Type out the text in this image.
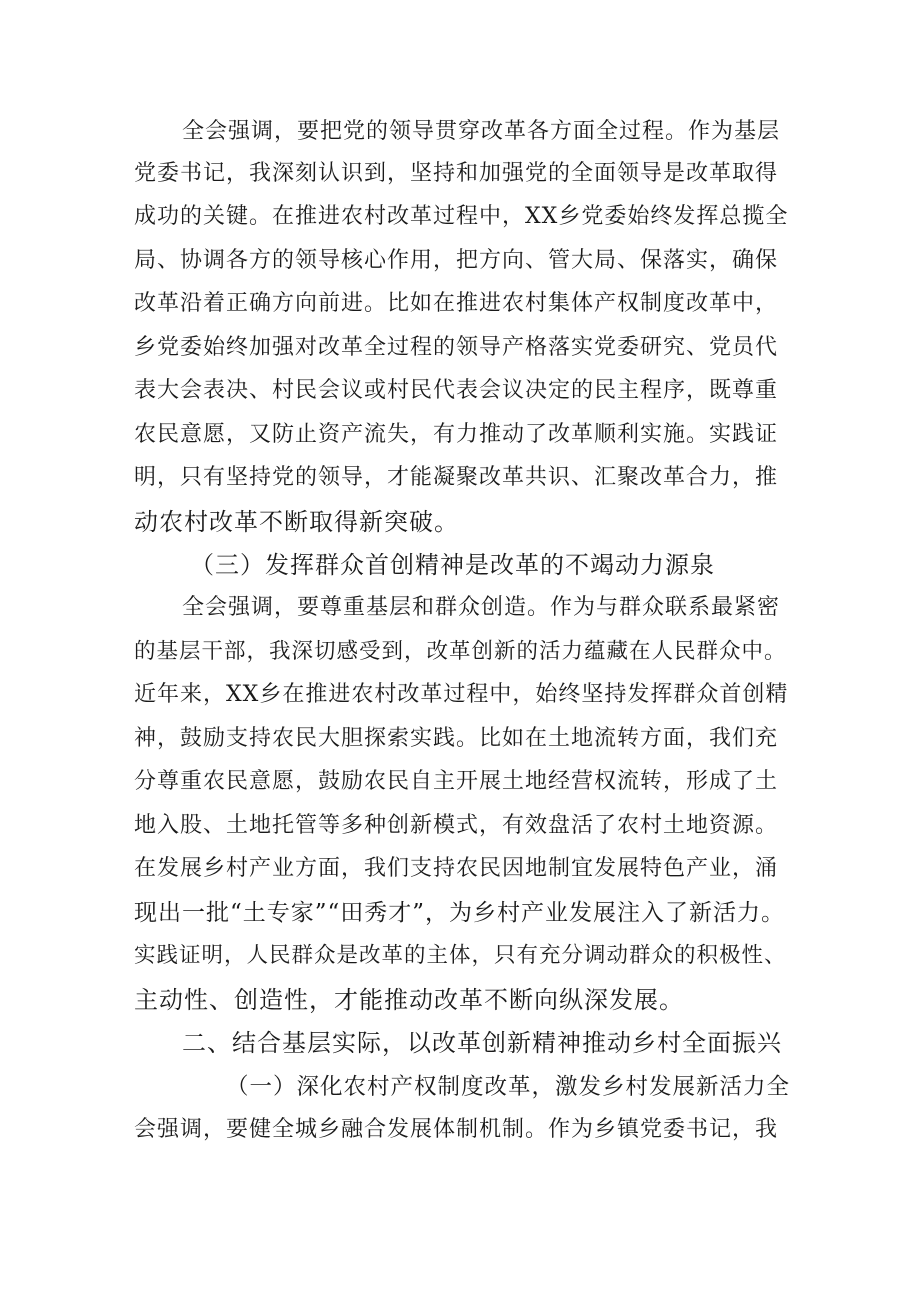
全会强调，要把党的领导贯穿改革各方面全过程。作为基层
党委书记，我深刻认识到，坚持和加强党的全面领导是改革取得
成功的关键。在推进农村改革过程中，XX乡党委始终发挥总揽全
局、协调各方的领导核心作用，把方向、管大局、保落实，确保
改革沿着正确方向前进。比如在推进农村集体产权制度改革中，
乡党委始终加强对改革全过程的领导产格落实党委研究、党员代
表大会表决、村民会议或村民代表会议决定的民主程序，既尊重
农民意愿，又防止资产流失，有力推动了改革顺利实施。实践证
明，只有坚持党的领导，才能凝聚改革共识、汇聚改革合力，推
动农村改革不断取得新突破。
（三）发挥群众首创精神是改革的不竭动力源泉
全会强调，要尊重基层和群众创造。作为与群众联系最紧密
的基层干部，我深切感受到，改革创新的活力蕴藏在人民群众中。
近年来，XX乡在推进农村改革过程中，始终坚持发挥群众首创精
神，鼓励支持农民大胆探索实践。比如在土地流转方面，我们充
分尊重农民意愿，鼓励农民自主开展土地经营权流转，形成了土
地入股、土地托管等多种创新模式，有效盘活了农村土地资源。
在发展乡村产业方面，我们支持农民因地制宜发展特色产业，涌
现出一批“土专家”“田秀才”，为乡村产业发展注入了新活力。
实践证明，人民群众是改革的主体，只有充分调动群众的积极性、
主动性、创造性，才能推动改革不断向纵深发展。
二、结合基层实际，以改革创新精神推动乡村全面振兴
（一）深化农村产权制度改革，激发乡村发展新活力全
会强调，要健全城乡融合发展体制机制。作为乡镇党委书记，我
